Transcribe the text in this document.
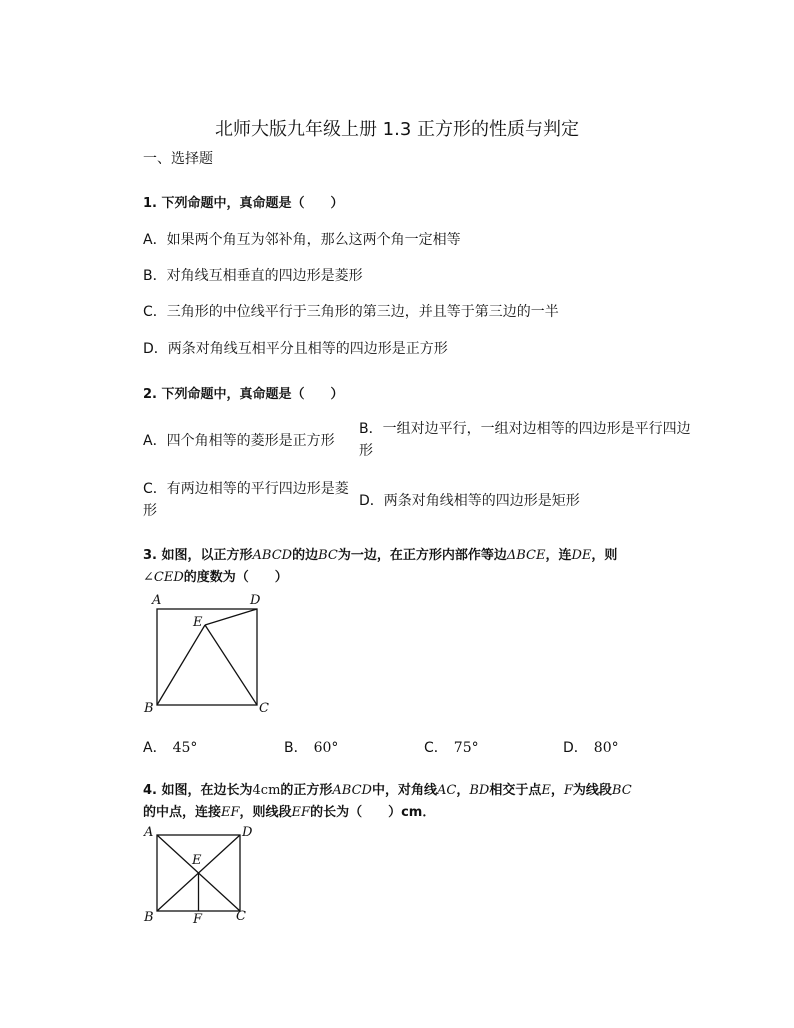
北师大版九年级上册 1.3 正方形的性质与判定
一、选择题
1. 下列命题中，真命题是（　　）
A．如果两个角互为邻补角，那么这两个角一定相等
B．对角线互相垂直的四边形是菱形
C．三角形的中位线平行于三角形的第三边，并且等于第三边的一半
D．两条对角线互相平分且相等的四边形是正方形
2. 下列命题中，真命题是（　　）
A．四个角相等的菱形是正方形
B．一组对边平行，一组对边相等的四边形是平行四边形
C．有两边相等的平行四边形是菱形
D．两条对角线相等的四边形是矩形
3. 如图，以正方形ABCD的边BC为一边，在正方形内部作等边ΔBCE，连DE，则
∠CED的度数为（　　）
A	D
E
B	C
A． 45°	B． 60°	C． 75°	D． 80°
4. 如图，在边长为4cm的正方形ABCD中，对角线AC，BD相交于点E，F为线段BC
的中点，连接EF，则线段EF的长为（　　）cm．
A	D
E
B	F	C
